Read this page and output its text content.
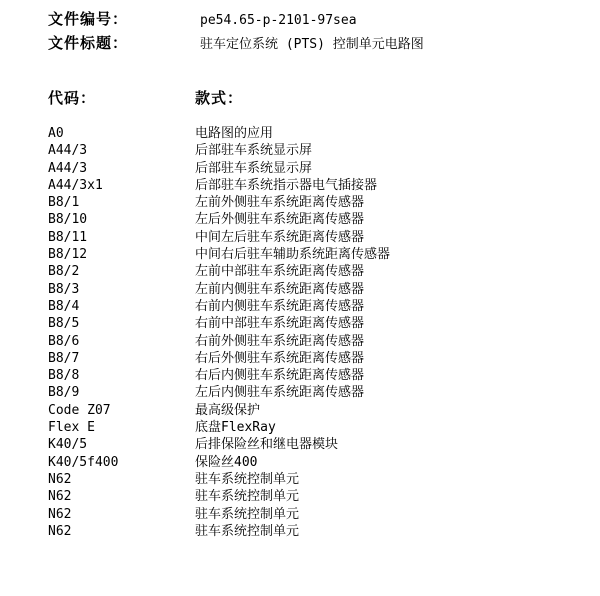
文件编号：	pe54.65-p-2101-97sea
文件标题：	驻车定位系统 (PTS) 控制单元电路图
代码：	款式：
A0	电路图的应用
A44/3	后部驻车系统显示屏
A44/3	后部驻车系统显示屏
A44/3x1	后部驻车系统指示器电气插接器
B8/1	左前外侧驻车系统距离传感器
B8/10	左后外侧驻车系统距离传感器
B8/11	中间左后驻车系统距离传感器
B8/12	中间右后驻车辅助系统距离传感器
B8/2	左前中部驻车系统距离传感器
B8/3	左前内侧驻车系统距离传感器
B8/4	右前内侧驻车系统距离传感器
B8/5	右前中部驻车系统距离传感器
B8/6	右前外侧驻车系统距离传感器
B8/7	右后外侧驻车系统距离传感器
B8/8	右后内侧驻车系统距离传感器
B8/9	左后内侧驻车系统距离传感器
Code Z07	最高级保护
Flex E	底盘FlexRay
K40/5	后排保险丝和继电器模块
K40/5f400	保险丝400
N62	驻车系统控制单元
N62	驻车系统控制单元
N62	驻车系统控制单元
N62	驻车系统控制单元
